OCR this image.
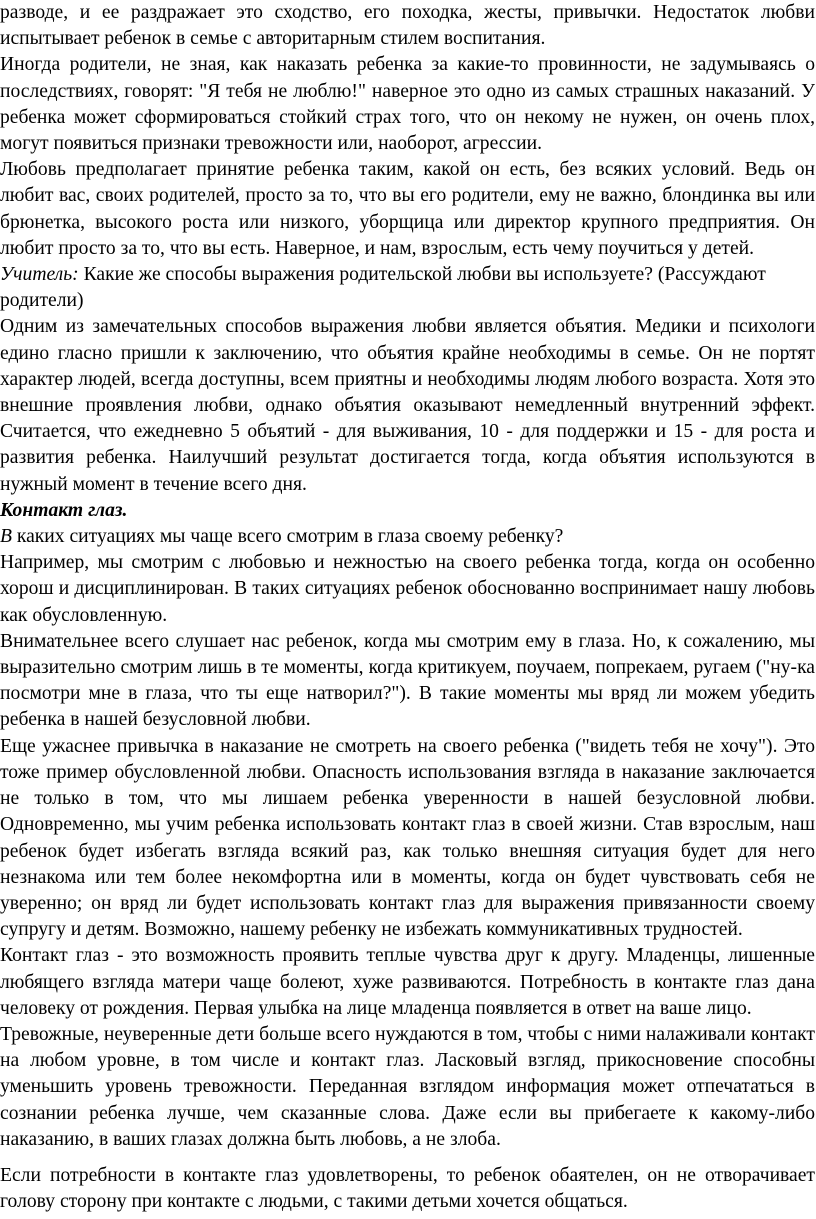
разводе, и ее раздражает это сходство, его походка, жесты, привычки. Недостаток любви испытывает ребенок в семье с авторитарным стилем воспитания.

Иногда родители, не зная, как наказать ребенка за какие-то провинности, не задумываясь о последствиях, говорят: "Я тебя не люблю!" наверное это одно из самых страшных наказаний. У ребенка может сформироваться стойкий страх того, что он некому не нужен, он очень плох, могут появиться признаки тревожности или, наоборот, агрессии.

Любовь предполагает принятие ребенка таким, какой он есть, без всяких условий. Ведь он любит вас, своих родителей, просто за то, что вы его родители, ему не важно, блондинка вы или брюнетка, высокого роста или низкого, уборщица или директор крупного предприятия. Он любит просто за то, что вы есть. Наверное, и нам, взрослым, есть чему поучиться у детей.

Учитель: Какие же способы выражения родительской любви вы используете? (Рассуждают родители)

Одним из замечательных способов выражения любви является объятия. Медики и психологи едино гласно пришли к заключению, что объятия крайне необходимы в семье. Он не портят характер людей, всегда доступны, всем приятны и необходимы людям любого возраста. Хотя это внешние проявления любви, однако объятия оказывают немедленный внутренний эффект. Считается, что ежедневно 5 объятий - для выживания, 10 - для поддержки и 15 - для роста и развития ребенка. Наилучший результат достигается тогда, когда объятия используются в нужный момент в течение всего дня.

Контакт глаз.

В каких ситуациях мы чаще всего смотрим в глаза своему ребенку?

Например, мы смотрим с любовью и нежностью на своего ребенка тогда, когда он особенно хорош и дисциплинирован. В таких ситуациях ребенок обоснованно воспринимает нашу любовь как обусловленную.

Внимательнее всего слушает нас ребенок, когда мы смотрим ему в глаза. Но, к сожалению, мы выразительно смотрим лишь в те моменты, когда критикуем, поучаем, попрекаем, ругаем ("ну-ка посмотри мне в глаза, что ты еще натворил?"). В такие моменты мы вряд ли можем убедить ребенка в нашей безусловной любви.

Еще ужаснее привычка в наказание не смотреть на своего ребенка ("видеть тебя не хочу"). Это тоже пример обусловленной любви. Опасность использования взгляда в наказание заключается не только в том, что мы лишаем ребенка уверенности в нашей безусловной любви. Одновременно, мы учим ребенка использовать контакт глаз в своей жизни. Став взрослым, наш ребенок будет избегать взгляда всякий раз, как только внешняя ситуация будет для него незнакома или тем более некомфортна или в моменты, когда он будет чувствовать себя не уверенно; он вряд ли будет использовать контакт глаз для выражения привязанности своему супругу и детям. Возможно, нашему ребенку не избежать коммуникативных трудностей.

Контакт глаз - это возможность проявить теплые чувства друг к другу. Младенцы, лишенные любящего взгляда матери чаще болеют, хуже развиваются. Потребность в контакте глаз дана человеку от рождения. Первая улыбка на лице младенца появляется в ответ на ваше лицо.

Тревожные, неуверенные дети больше всего нуждаются в том, чтобы с ними налаживали контакт на любом уровне, в том числе и контакт глаз. Ласковый взгляд, прикосновение способны уменьшить уровень тревожности. Переданная взглядом информация может отпечататься в сознании ребенка лучше, чем сказанные слова. Даже если вы прибегаете к какому-либо наказанию, в ваших глазах должна быть любовь, а не злоба.

Если потребности в контакте глаз удовлетворены, то ребенок обаятелен, он не отворачивает голову сторону при контакте с людьми, с такими детьми хочется общаться.
